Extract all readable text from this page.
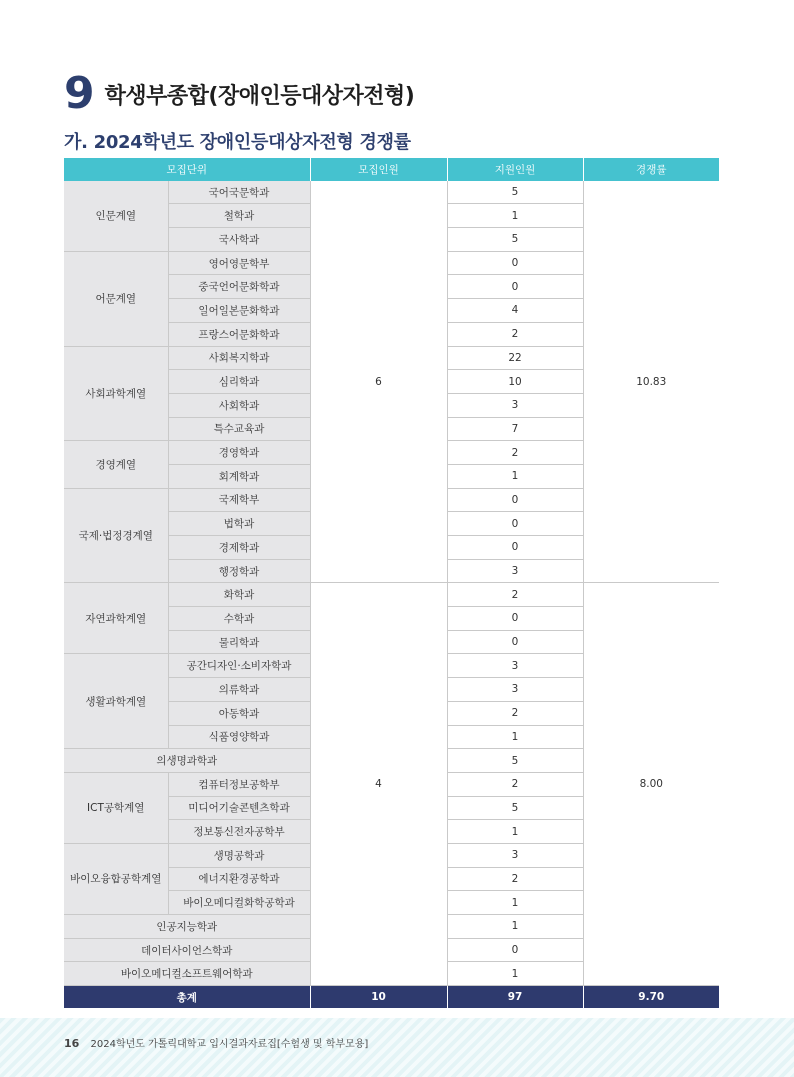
9 학생부종합(장애인등대상자전형)
가. 2024학년도 장애인등대상자전형 경쟁률
모집단위		모집인원	지원인원	경쟁률
인문계열	국어국문학과	6	5	10.83
	철학과		1	
	국사학과		5	
어문계열	영어영문학부		0	
	중국언어문화학과		0	
	일어일본문화학과		4	
	프랑스어문화학과		2	
사회과학계열	사회복지학과		22	
	심리학과		10	
	사회학과		3	
	특수교육과		7	
경영계열	경영학과		2	
	회계학과		1	
국제·법정경계열	국제학부		0	
	법학과		0	
	경제학과		0	
	행정학과		3	
자연과학계열	화학과	4	2	8.00
	수학과		0	
	물리학과		0	
생활과학계열	공간디자인·소비자학과		3	
	의류학과		3	
	아동학과		2	
	식품영양학과		1	
의생명과학과			5	
ICT공학계열	컴퓨터정보공학부		2	
	미디어기술콘텐츠학과		5	
	정보통신전자공학부		1	
바이오융합공학계열	생명공학과		3	
	에너지환경공학과		2	
	바이오메디컬화학공학과		1	
인공지능학과			1	
데이터사이언스학과			0	
바이오메디컬소프트웨어학과			1	
총계		10	97	9.70
16 2024학년도 가톨릭대학교 입시결과자료집[수험생 및 학부모용]
